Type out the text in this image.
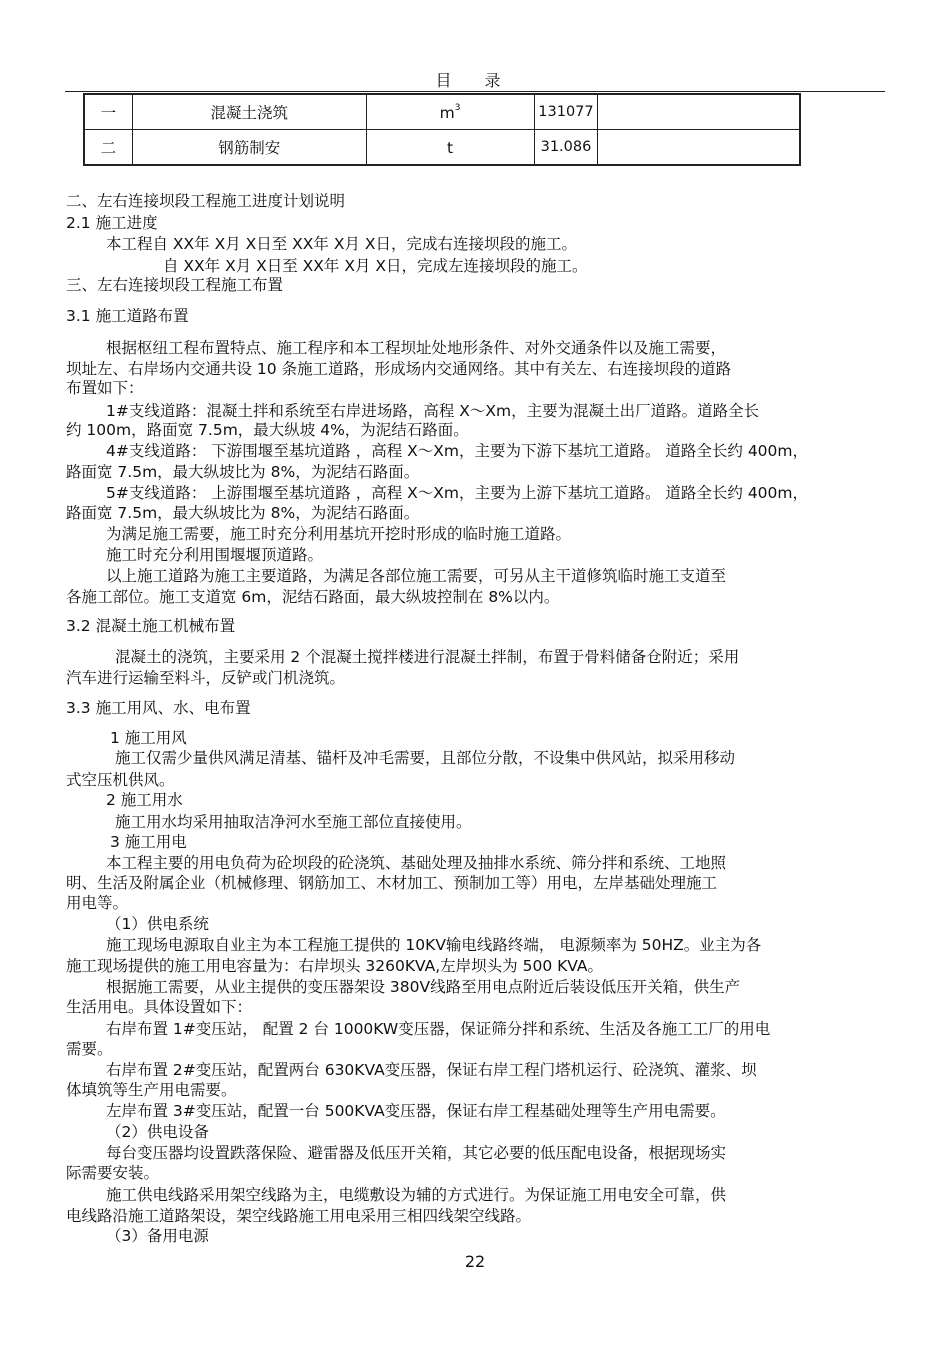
目 录
一	混凝土浇筑	$m^3$	131077	
二	钢筋制安	t	31.086	
二、左右连接坝段工程施工进度计划说明
2.1 施工进度
本工程自 XX年 X月 X日至 XX年 X月 X日，完成右连接坝段的施工。
自 XX年 X月 X日至 XX年 X月 X日，完成左连接坝段的施工。
三、左右连接坝段工程施工布置
3.1 施工道路布置
根据枢纽工程布置特点、施工程序和本工程坝址处地形条件、对外交通条件以及施工需要，
坝址左、右岸场内交通共设 10 条施工道路，形成场内交通网络。其中有关左、右连接坝段的道路
布置如下：
1#支线道路：混凝土拌和系统至右岸进场路，高程 X～Xm，主要为混凝土出厂道路。道路全长
约 100m，路面宽 7.5m，最大纵坡 4%，为泥结石路面。
4#支线道路： 下游围堰至基坑道路 ，高程 X～Xm，主要为下游下基坑工道路。 道路全长约 400m，
路面宽 7.5m，最大纵坡比为 8%，为泥结石路面。
5#支线道路： 上游围堰至基坑道路 ，高程 X～Xm，主要为上游下基坑工道路。 道路全长约 400m，
路面宽 7.5m，最大纵坡比为 8%，为泥结石路面。
为满足施工需要，施工时充分利用基坑开挖时形成的临时施工道路。
施工时充分利用围堰堰顶道路。
以上施工道路为施工主要道路，为满足各部位施工需要，可另从主干道修筑临时施工支道至
各施工部位。施工支道宽 6m，泥结石路面，最大纵坡控制在 8%以内。
3.2 混凝土施工机械布置
混凝土的浇筑，主要采用 2 个混凝土搅拌楼进行混凝土拌制，布置于骨料储备仓附近；采用
汽车进行运输至料斗，反铲或门机浇筑。
3.3 施工用风、水、电布置
1 施工用风
施工仅需少量供风满足清基、锚杆及冲毛需要，且部位分散，不设集中供风站，拟采用移动
式空压机供风。
2 施工用水
施工用水均采用抽取洁净河水至施工部位直接使用。
3 施工用电
本工程主要的用电负荷为砼坝段的砼浇筑、基础处理及抽排水系统、筛分拌和系统、工地照
明、生活及附属企业（机械修理、钢筋加工、木材加工、预制加工等）用电，左岸基础处理施工
用电等。
（1）供电系统
施工现场电源取自业主为本工程施工提供的 10KV输电线路终端， 电源频率为 50HZ。业主为各
施工现场提供的施工用电容量为：右岸坝头 3260KVA,左岸坝头为 500 KVA。
根据施工需要，从业主提供的变压器架设 380V线路至用电点附近后装设低压开关箱，供生产
生活用电。具体设置如下：
右岸布置 1#变压站， 配置 2 台 1000KW变压器，保证筛分拌和系统、生活及各施工工厂的用电
需要。
右岸布置 2#变压站，配置两台 630KVA变压器，保证右岸工程门塔机运行、砼浇筑、灌浆、坝
体填筑等生产用电需要。
左岸布置 3#变压站，配置一台 500KVA变压器，保证右岸工程基础处理等生产用电需要。
（2）供电设备
每台变压器均设置跌落保险、避雷器及低压开关箱，其它必要的低压配电设备，根据现场实
际需要安装。
施工供电线路采用架空线路为主，电缆敷设为辅的方式进行。为保证施工用电安全可靠，供
电线路沿施工道路架设，架空线路施工用电采用三相四线架空线路。
（3）备用电源
22
